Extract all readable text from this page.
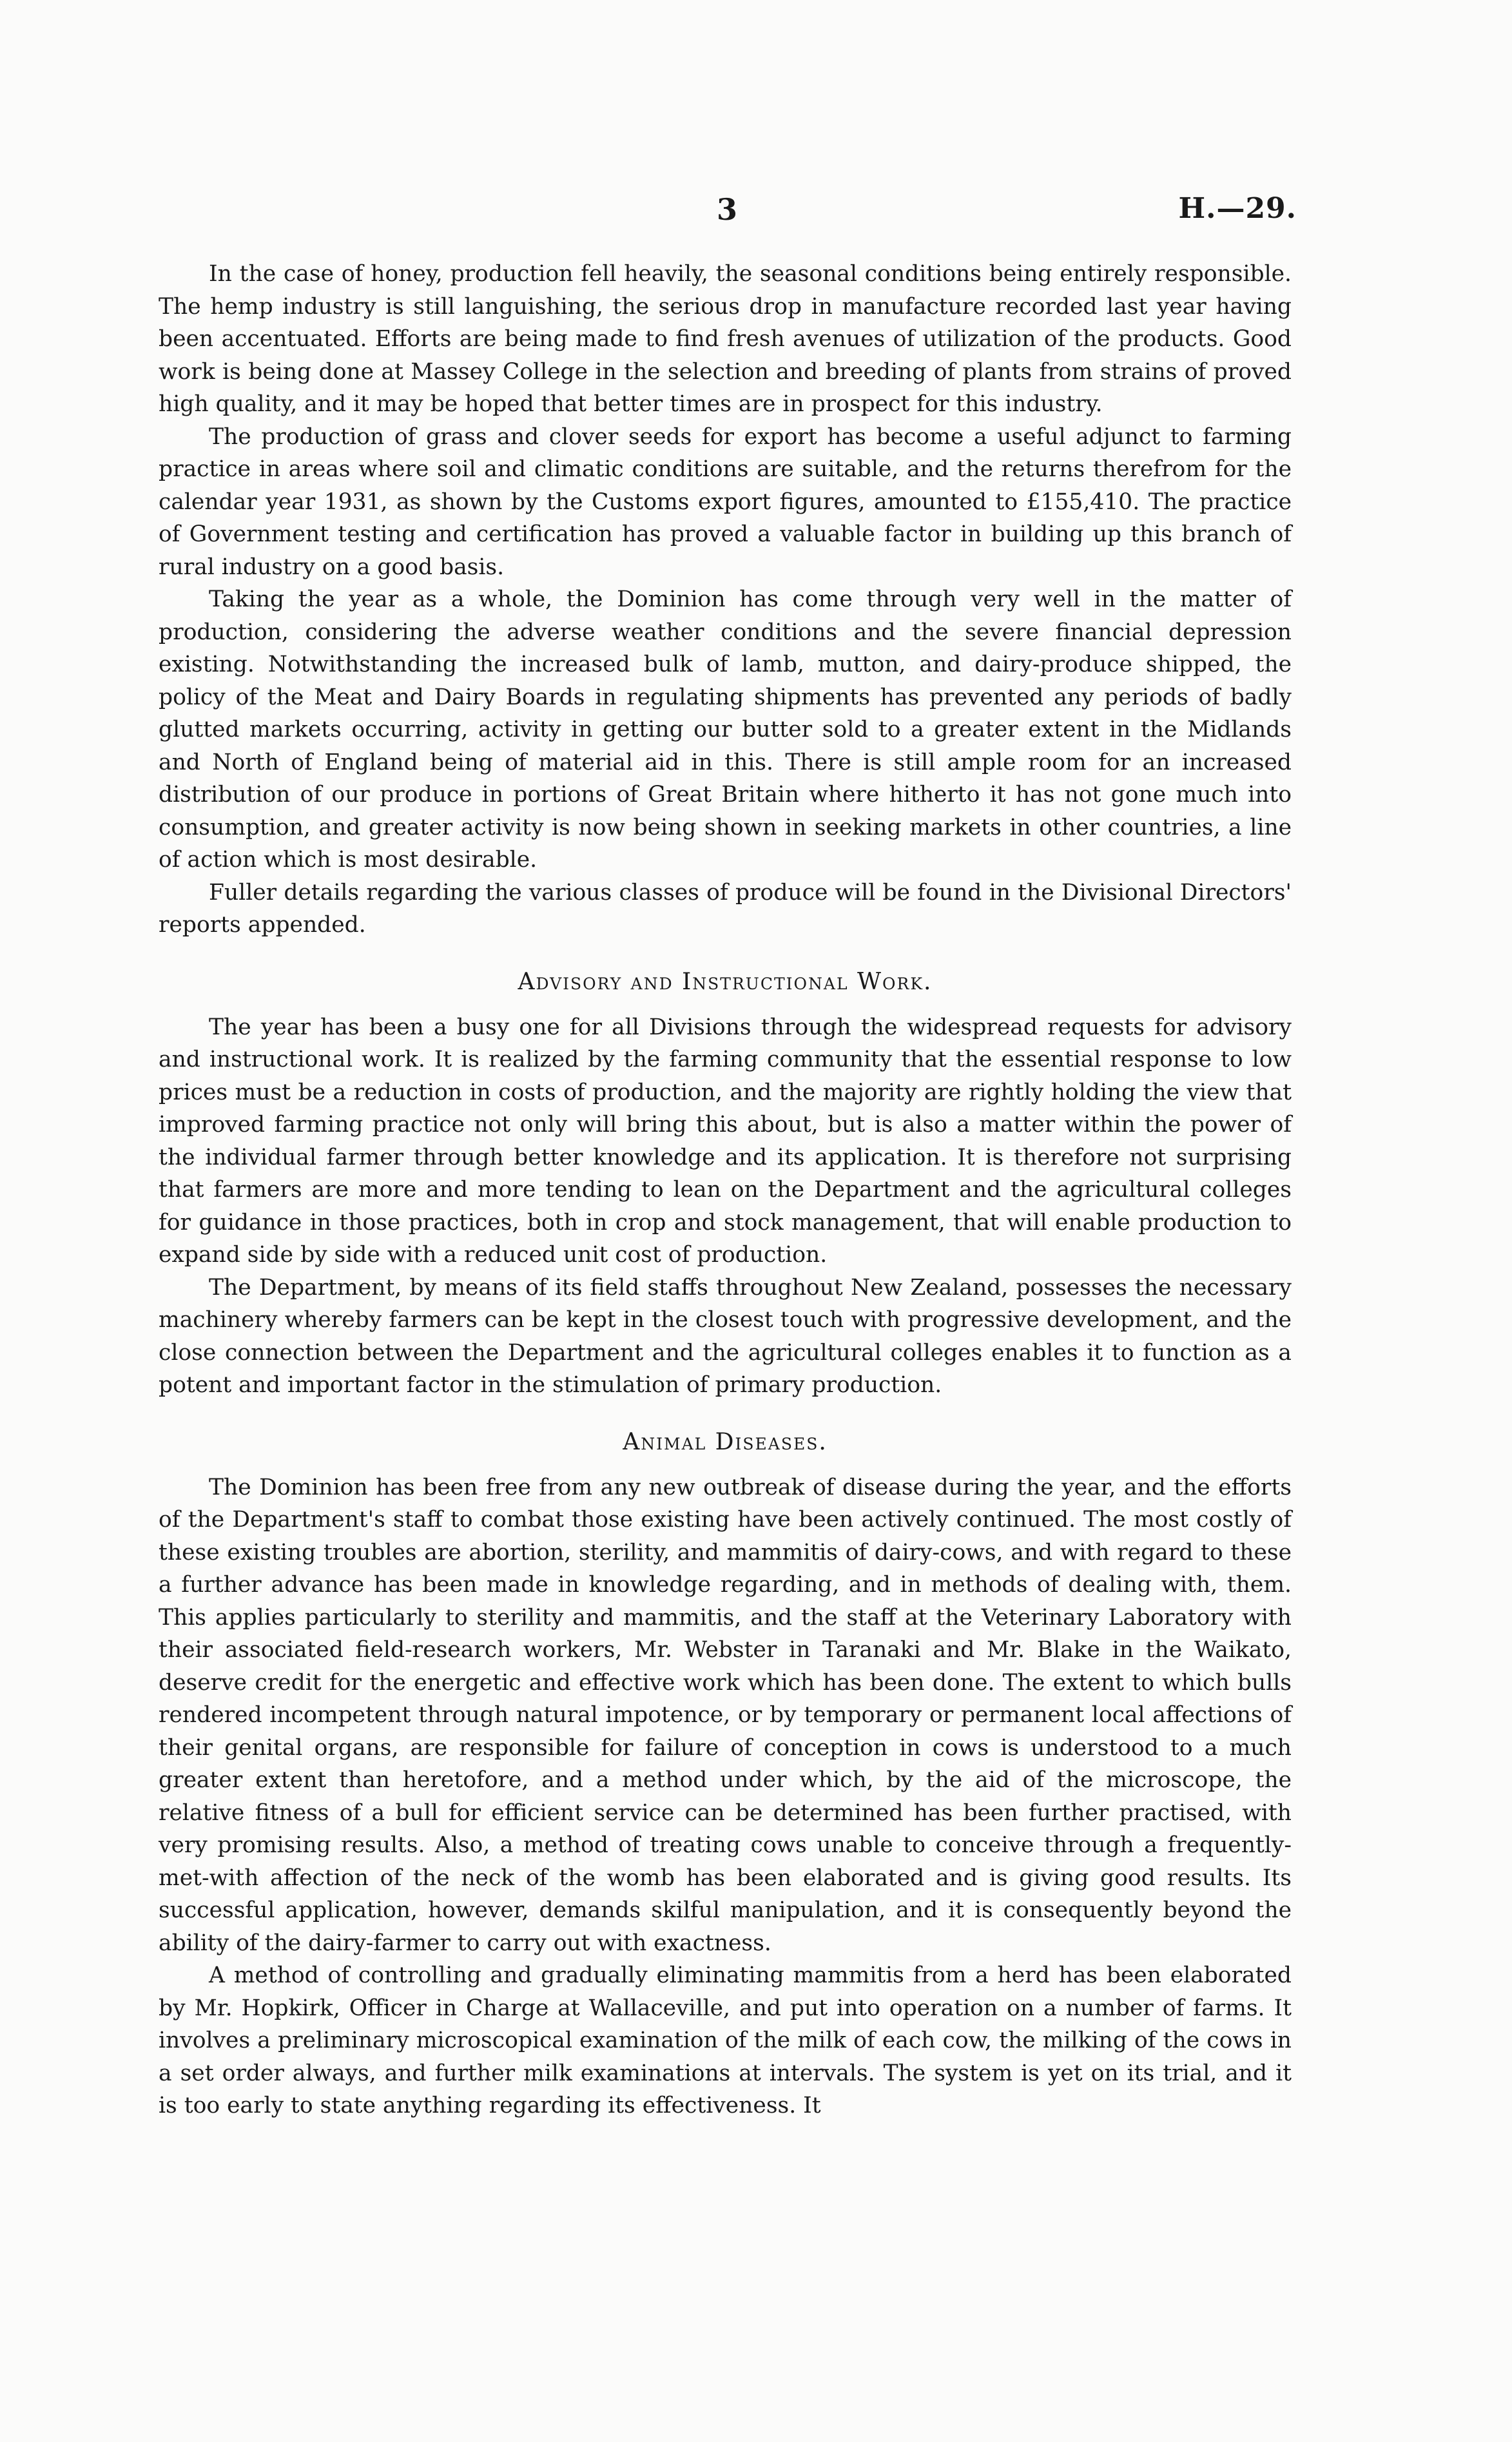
3	H.—29.

In the case of honey, production fell heavily, the seasonal conditions being entirely responsible. The hemp industry is still languishing, the serious drop in manufacture recorded last year having been accentuated. Efforts are being made to find fresh avenues of utilization of the products. Good work is being done at Massey College in the selection and breeding of plants from strains of proved high quality, and it may be hoped that better times are in prospect for this industry.

The production of grass and clover seeds for export has become a useful adjunct to farming practice in areas where soil and climatic conditions are suitable, and the returns therefrom for the calendar year 1931, as shown by the Customs export figures, amounted to £155,410. The practice of Government testing and certification has proved a valuable factor in building up this branch of rural industry on a good basis.

Taking the year as a whole, the Dominion has come through very well in the matter of production, considering the adverse weather conditions and the severe financial depression existing. Notwithstanding the increased bulk of lamb, mutton, and dairy-produce shipped, the policy of the Meat and Dairy Boards in regulating shipments has prevented any periods of badly glutted markets occurring, activity in getting our butter sold to a greater extent in the Midlands and North of England being of material aid in this. There is still ample room for an increased distribution of our produce in portions of Great Britain where hitherto it has not gone much into consumption, and greater activity is now being shown in seeking markets in other countries, a line of action which is most desirable.

Fuller details regarding the various classes of produce will be found in the Divisional Directors' reports appended.

Advisory and Instructional Work.

The year has been a busy one for all Divisions through the widespread requests for advisory and instructional work. It is realized by the farming community that the essential response to low prices must be a reduction in costs of production, and the majority are rightly holding the view that improved farming practice not only will bring this about, but is also a matter within the power of the individual farmer through better knowledge and its application. It is therefore not surprising that farmers are more and more tending to lean on the Department and the agricultural colleges for guidance in those practices, both in crop and stock management, that will enable production to expand side by side with a reduced unit cost of production.

The Department, by means of its field staffs throughout New Zealand, possesses the necessary machinery whereby farmers can be kept in the closest touch with progressive development, and the close connection between the Department and the agricultural colleges enables it to function as a potent and important factor in the stimulation of primary production.

Animal Diseases.

The Dominion has been free from any new outbreak of disease during the year, and the efforts of the Department's staff to combat those existing have been actively continued. The most costly of these existing troubles are abortion, sterility, and mammitis of dairy-cows, and with regard to these a further advance has been made in knowledge regarding, and in methods of dealing with, them. This applies particularly to sterility and mammitis, and the staff at the Veterinary Laboratory with their associated field-research workers, Mr. Webster in Taranaki and Mr. Blake in the Waikato, deserve credit for the energetic and effective work which has been done. The extent to which bulls rendered incompetent through natural impotence, or by temporary or permanent local affections of their genital organs, are responsible for failure of conception in cows is understood to a much greater extent than heretofore, and a method under which, by the aid of the microscope, the relative fitness of a bull for efficient service can be determined has been further practised, with very promising results. Also, a method of treating cows unable to conceive through a frequently-met-with affection of the neck of the womb has been elaborated and is giving good results. Its successful application, however, demands skilful manipulation, and it is consequently beyond the ability of the dairy-farmer to carry out with exactness.

A method of controlling and gradually eliminating mammitis from a herd has been elaborated by Mr. Hopkirk, Officer in Charge at Wallaceville, and put into operation on a number of farms. It involves a preliminary microscopical examination of the milk of each cow, the milking of the cows in a set order always, and further milk examinations at intervals. The system is yet on its trial, and it is too early to state anything regarding its effectiveness. It
